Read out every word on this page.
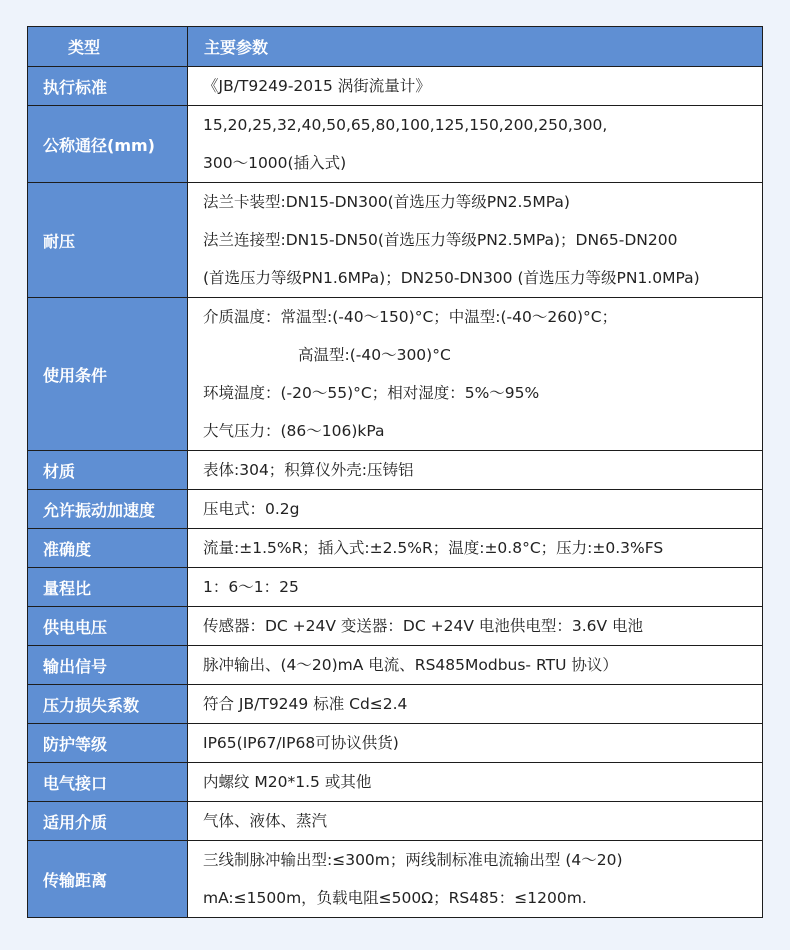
类型	主要参数
执行标准	《JB/T9249-2015 涡街流量计》

公称通径(mm)	15,20,25,32,40,50,65,80,100,125,150,200,250,300,
300～1000(插入式)

耐压	法兰卡装型:DN15-DN300(首选压力等级PN2.5MPa)
法兰连接型:DN15-DN50(首选压力等级PN2.5MPa)；DN65-DN200
(首选压力等级PN1.6MPa)；DN250-DN300 (首选压力等级PN1.0MPa)

使用条件	介质温度：常温型:(-40～150)°C；中温型:(-40～260)°C；
高温型:(-40～300)°C
环境温度：(-20～55)°C；相对湿度：5%～95%
大气压力：(86～106)kPa

材质	表体:304；积算仪外壳:压铸铝

允许振动加速度	压电式：0.2g

准确度	流量:±1.5%R；插入式:±2.5%R；温度:±0.8°C；压力:±0.3%FS

量程比	1：6～1：25

供电电压	传感器：DC +24V 变送器：DC +24V 电池供电型：3.6V 电池

输出信号	脉冲输出、(4～20)mA 电流、RS485Modbus- RTU 协议）

压力损失系数	符合 JB/T9249 标准 Cd≤2.4

防护等级	IP65(IP67/IP68可协议供货)

电气接口	内螺纹 M20*1.5 或其他

适用介质	气体、液体、蒸汽

传输距离	三线制脉冲输出型:≤300m；两线制标准电流输出型 (4～20)
mA:≤1500m，负载电阻≤500Ω；RS485：≤1200m.
